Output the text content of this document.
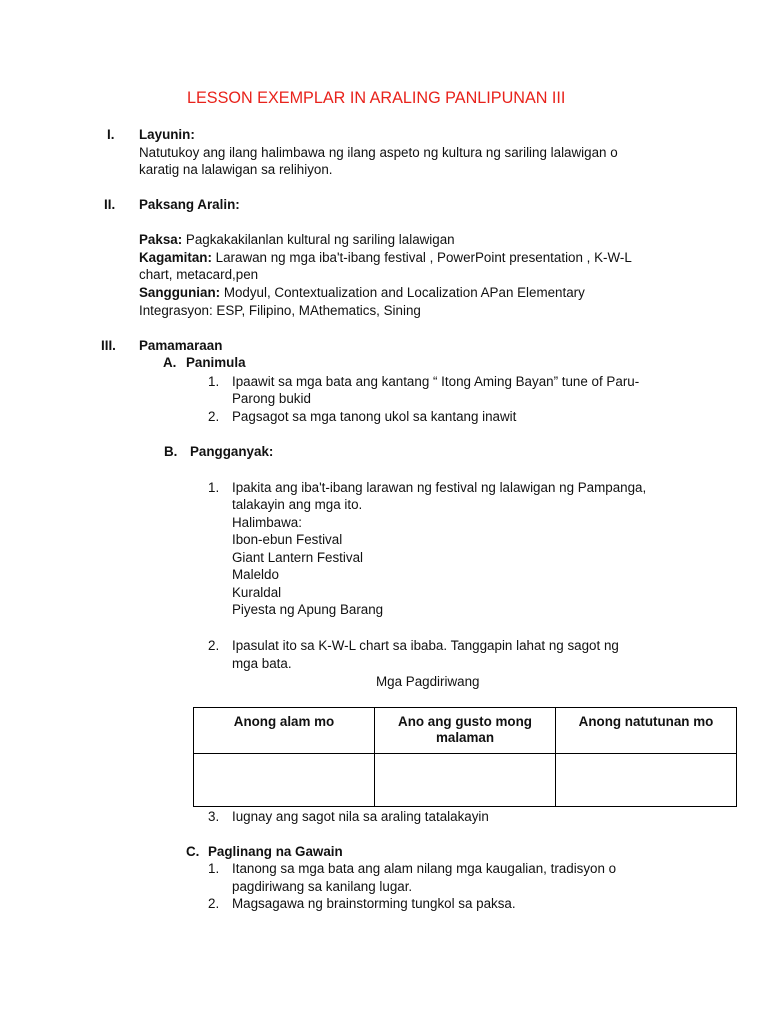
LESSON EXEMPLAR IN ARALING PANLIPUNAN III
I. Layunin:
Natutukoy ang ilang halimbawa ng ilang aspeto ng kultura ng sariling lalawigan o
karatig na lalawigan sa relihiyon.
II. Paksang Aralin:
Paksa: Pagkakakilanlan kultural ng sariling lalawigan
Kagamitan: Larawan ng mga iba't-ibang festival , PowerPoint presentation , K-W-L
chart, metacard,pen
Sanggunian: Modyul, Contextualization and Localization APan Elementary
Integrasyon: ESP, Filipino, MAthematics, Sining
III. Pamamaraan
A. Panimula
1. Ipaawit sa mga bata ang kantang “ Itong Aming Bayan” tune of Paru-
Parong bukid
2. Pagsagot sa mga tanong ukol sa kantang inawit
B. Pangganyak:
1. Ipakita ang iba't-ibang larawan ng festival ng lalawigan ng Pampanga,
talakayin ang mga ito.
Halimbawa:
Ibon-ebun Festival
Giant Lantern Festival
Maleldo
Kuraldal
Piyesta ng Apung Barang
2. Ipasulat ito sa K-W-L chart sa ibaba. Tanggapin lahat ng sagot ng
mga bata.
Mga Pagdiriwang
Anong alam mo	Ano ang gusto mong malaman	Anong natutunan mo

3. Iugnay ang sagot nila sa araling tatalakayin
C. Paglinang na Gawain
1. Itanong sa mga bata ang alam nilang mga kaugalian, tradisyon o
pagdiriwang sa kanilang lugar.
2. Magsagawa ng brainstorming tungkol sa paksa.
